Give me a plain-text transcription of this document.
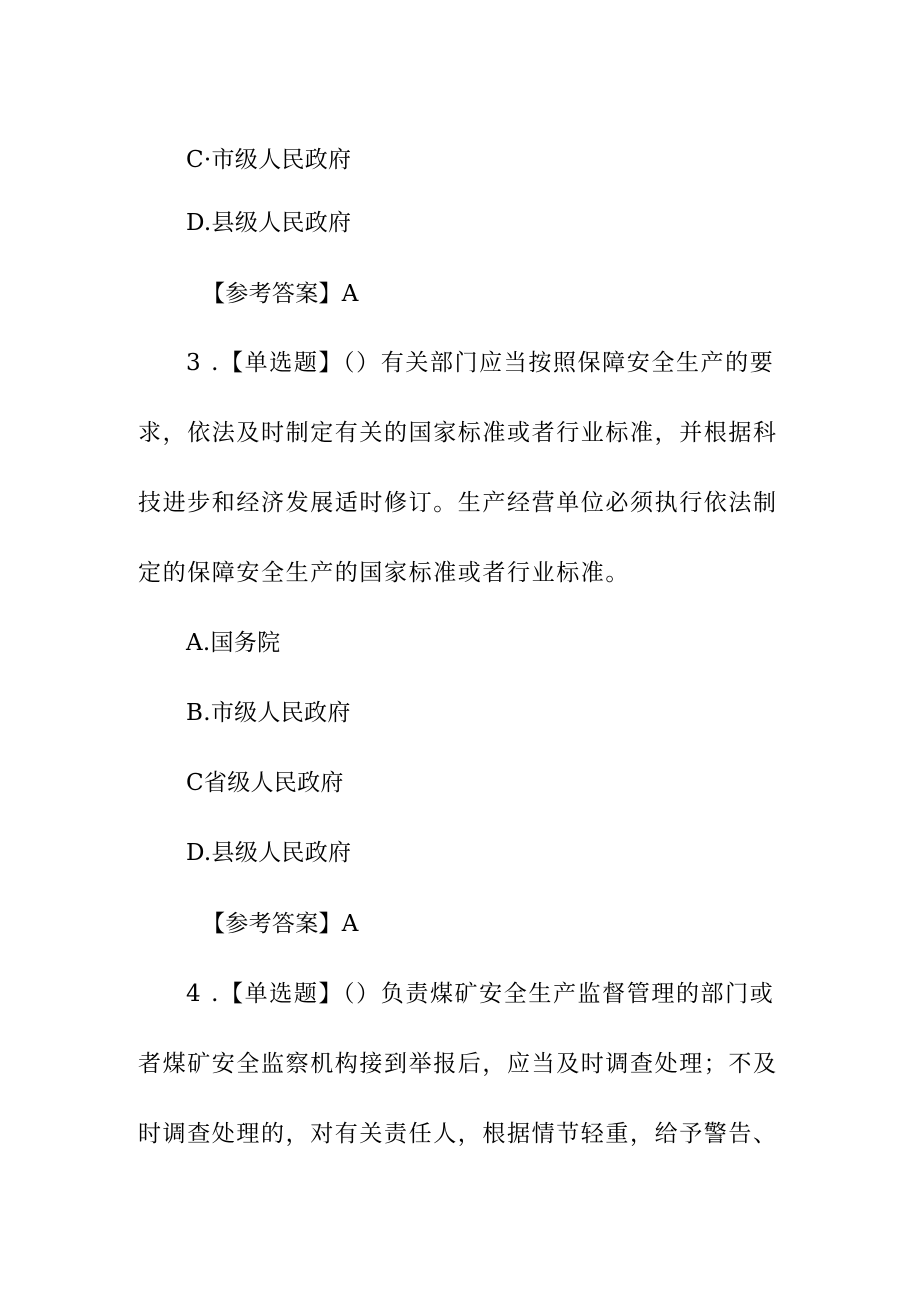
C·市级人民政府
D.县级人民政府
【参考答案】A
3 .【单选题】（）有关部门应当按照保障安全生产的要
求，依法及时制定有关的国家标准或者行业标准，并根据科
技进步和经济发展适时修订。生产经营单位必须执行依法制
定的保障安全生产的国家标准或者行业标准。
A.国务院
B.市级人民政府
C省级人民政府
D.县级人民政府
【参考答案】A
4 .【单选题】（）负责煤矿安全生产监督管理的部门或
者煤矿安全监察机构接到举报后，应当及时调查处理；不及
时调查处理的，对有关责任人，根据情节轻重，给予警告、
